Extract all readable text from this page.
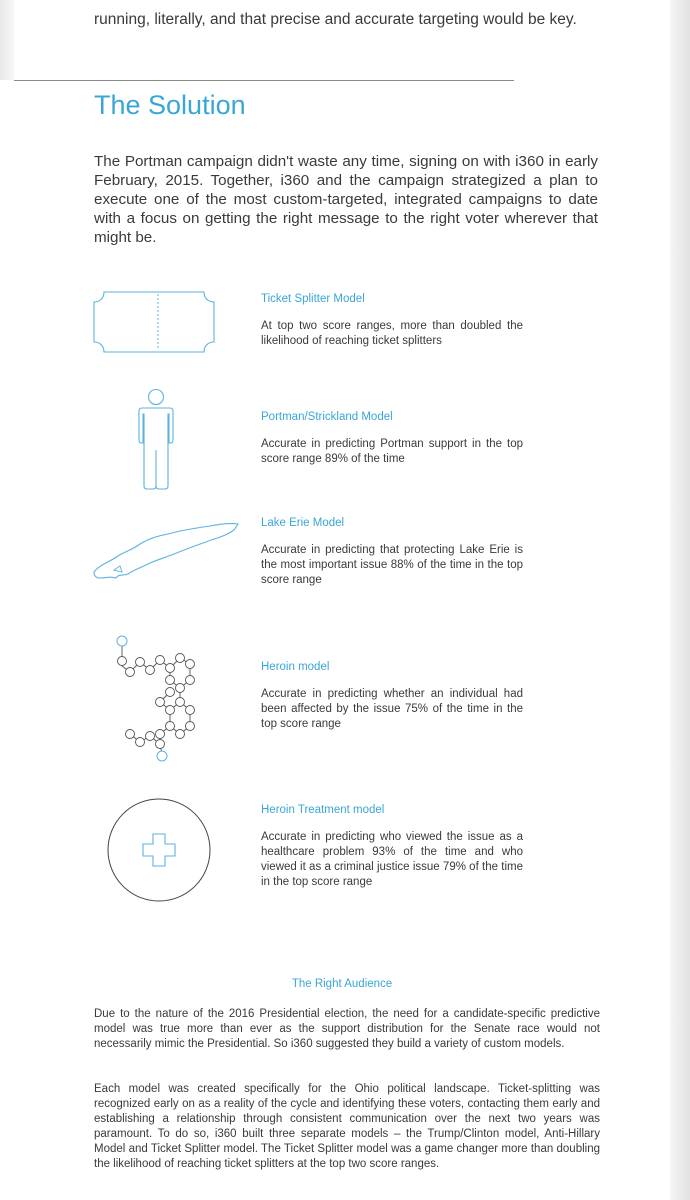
running, literally, and that precise and accurate targeting would be key.

The Solution

The Portman campaign didn't waste any time, signing on with i360 in early February, 2015. Together, i360 and the campaign strategized a plan to execute one of the most custom-targeted, integrated campaigns to date with a focus on getting the right message to the right voter wherever that might be.

Ticket Splitter Model

At top two score ranges, more than doubled the likelihood of reaching ticket splitters

Portman/Strickland Model

Accurate in predicting Portman support in the top score range 89% of the time

Lake Erie Model

Accurate in predicting that protecting Lake Erie is the most important issue 88% of the time in the top score range

Heroin model

Accurate in predicting whether an individual had been affected by the issue 75% of the time in the top score range

Heroin Treatment model

Accurate in predicting who viewed the issue as a healthcare problem 93% of the time and who viewed it as a criminal justice issue 79% of the time in the top score range

The Right Audience

Due to the nature of the 2016 Presidential election, the need for a candidate-specific predictive model was true more than ever as the support distribution for the Senate race would not necessarily mimic the Presidential. So i360 suggested they build a variety of custom models.

Each model was created specifically for the Ohio political landscape. Ticket-splitting was recognized early on as a reality of the cycle and identifying these voters, contacting them early and establishing a relationship through consistent communication over the next two years was paramount. To do so, i360 built three separate models – the Trump/Clinton model, Anti-Hillary Model and Ticket Splitter model. The Ticket Splitter model was a game changer more than doubling the likelihood of reaching ticket splitters at the top two score ranges.
